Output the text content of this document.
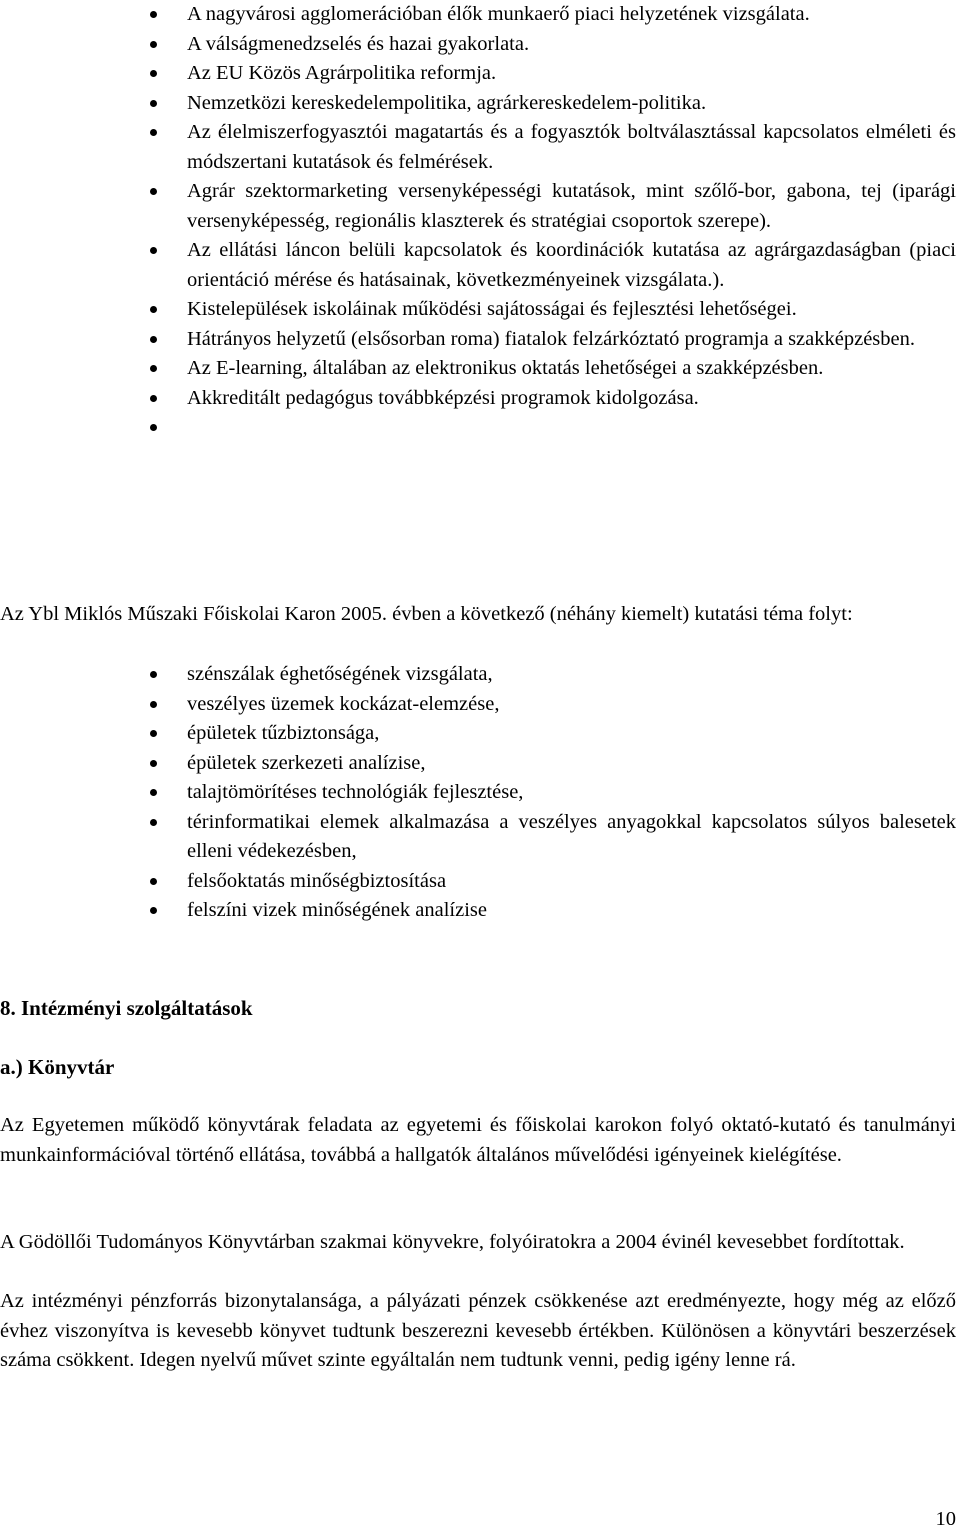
A nagyvárosi agglomerációban élők munkaerő piaci helyzetének vizsgálata.
A válságmenedzselés és hazai gyakorlata.
Az EU Közös Agrárpolitika reformja.
Nemzetközi kereskedelempolitika, agrárkereskedelem-politika.
Az élelmiszerfogyasztói magatartás és a fogyasztók boltválasztással kapcsolatos elméleti és módszertani kutatások és felmérések.
Agrár szektormarketing versenyképességi kutatások, mint szőlő-bor, gabona, tej (iparági versenyképesség, regionális klaszterek és stratégiai csoportok szerepe).
Az ellátási láncon belüli kapcsolatok és koordinációk kutatása az agrárgazdaságban (piaci orientáció mérése és hatásainak, következményeinek vizsgálata.).
Kistelepülések iskoláinak működési sajátosságai és fejlesztési lehetőségei.
Hátrányos helyzetű (elsősorban roma) fiatalok felzárkóztató programja a szakképzésben.
Az E-learning, általában az elektronikus oktatás lehetőségei a szakképzésben.
Akkreditált pedagógus továbbképzési programok kidolgozása.

Az Ybl Miklós Műszaki Főiskolai Karon 2005. évben a következő (néhány kiemelt) kutatási téma folyt:
szénszálak éghetőségének vizsgálata,
veszélyes üzemek kockázat-elemzése,
épületek tűzbiztonsága,
épületek szerkezeti analízise,
talajtömörítéses technológiák fejlesztése,
térinformatikai elemek alkalmazása a veszélyes anyagokkal kapcsolatos súlyos balesetek elleni védekezésben,
felsőoktatás minőségbiztosítása
felszíni vizek minőségének analízise
8. Intézményi szolgáltatások
a.) Könyvtár
Az Egyetemen működő könyvtárak feladata az egyetemi és főiskolai karokon folyó oktató-kutató és tanulmányi munkainformációval történő ellátása, továbbá a hallgatók általános művelődési igényeinek kielégítése.
A Gödöllői Tudományos Könyvtárban szakmai könyvekre, folyóiratokra a 2004 évinél kevesebbet fordítottak.
Az intézményi pénzforrás bizonytalansága, a pályázati pénzek csökkenése azt eredményezte, hogy még az előző évhez viszonyítva is kevesebb könyvet tudtunk beszerezni kevesebb értékben. Különösen a könyvtári beszerzések száma csökkent. Idegen nyelvű művet szinte egyáltalán nem tudtunk venni, pedig igény lenne rá.
10
